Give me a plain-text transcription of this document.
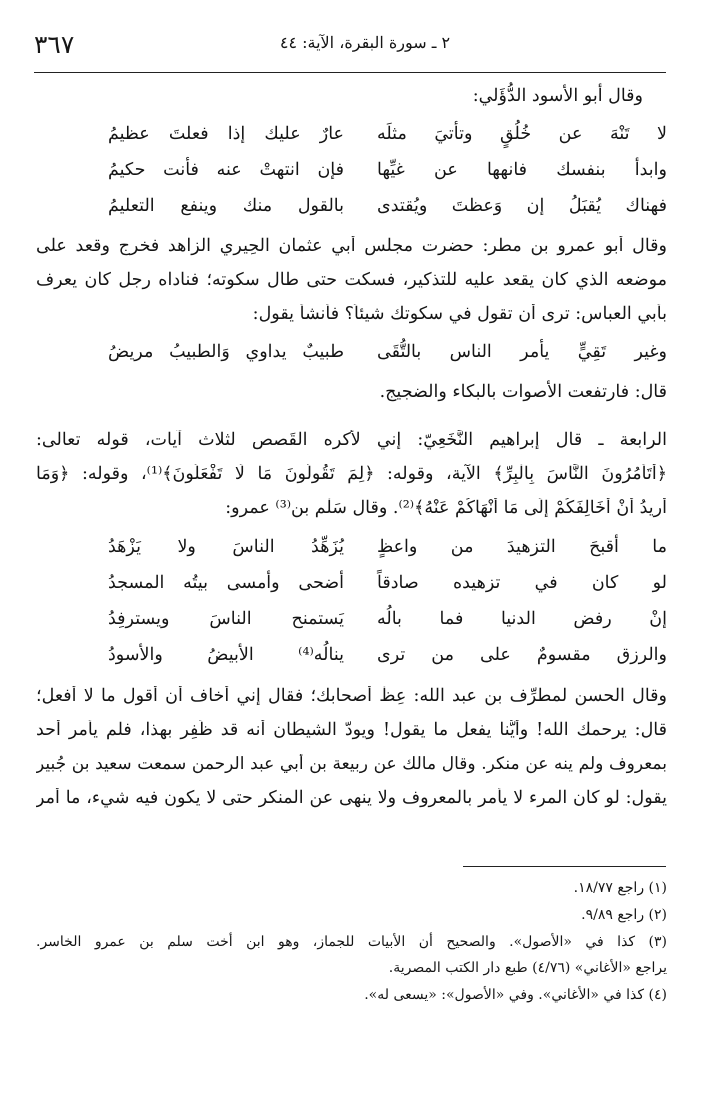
٣٦٧	٢ ـ سورة البقرة، الآية: ٤٤
وقال أبو الأسود الدُّؤَلي:
لا تَنْهَ عن خُلُقٍ وتأتيَ مثلَه
عارٌ عليك إذا فعلتَ عظيمُ
وابدأ بنفسك فانهها عن غيِّها
فإن انتهتْ عنه فأنت حكيمُ
فهناك يُقبَلُ إن وَعظتَ ويُقتدى
بالقول منك وينفع التعليمُ
وقال أبو عمرو بن مطر: حضرت مجلس أبي عثمان الحِيري الزاهد فخرج وقعد على
موضعه الذي كان يقعد عليه للتذكير، فسكت حتى طال سكوته؛ فناداه رجل كان يعرف
بأبي العباس: ترى أن تقول في سكوتك شيئاً؟ فأنشأ يقول:
وغير تَقِيٍّ يأمر الناس بالتُّقَى
طبيبٌ يداوي وَالطبيبُ مريضُ
قال: فارتفعت الأصوات بالبكاء والضجيج.
الرابعة ـ قال إبراهيم النَّخَعِيّ: إني لأكره القَصص لثلاث آيات، قوله تعالى:
﴿أَتَأْمُرُونَ النَّاسَ بِالْبِرِّ﴾ الآية، وقوله: ﴿لِمَ تَقُولُونَ مَا لَا تَفْعَلُونَ﴾⁽¹⁾، وقوله: ﴿وَمَا
أُرِيدُ أَنْ أُخَالِفَكُمْ إِلَى مَا أَنْهَاكُمْ عَنْهُ﴾⁽²⁾. وقال سَلْم بن⁽³⁾ عمرو:
ما أقبحَ التزهيدَ من واعظٍ
يُزَهِّدُ الناسَ ولا يَزْهَدُ
لو كان في تزهيده صادقاً
أضحى وأمسى بيتُه المسجدُ
إنْ رفض الدنيا فما بالُه
يَستمنح الناسَ ويسترفِدُ
والرزق مقسومٌ على من ترى
ينالُه⁽⁴⁾ الأبيضُ والأسودُ
وقال الحسن لمطرِّف بن عبد الله: عِظْ أصحابك؛ فقال إني أخاف أن أقول ما لا أفعل؛
قال: يرحمك الله! وأيُّنا يفعل ما يقول! ويودّ الشيطان أنه قد ظَفِر بهذا، فلم يأمر أحد
بمعروف ولم ينه عن منكر. وقال مالك عن ربيعة بن أبي عبد الرحمن سمعت سعيد بن جُبير
يقول: لو كان المرء لا يأمر بالمعروف ولا ينهى عن المنكر حتى لا يكون فيه شيء، ما أمر
(١) راجع ١٨/٧٧.
(٢) راجع ٩/٨٩.
(٣) كذا في «الأصول». والصحيح أن الأبيات للجماز، وهو ابن أخت سلم بن عمرو الخاسر.
يراجع «الأغاني» (٤/٧٦) طبع دار الكتب المصرية.
(٤) كذا في «الأغاني». وفي «الأصول»: «يسعى له».
